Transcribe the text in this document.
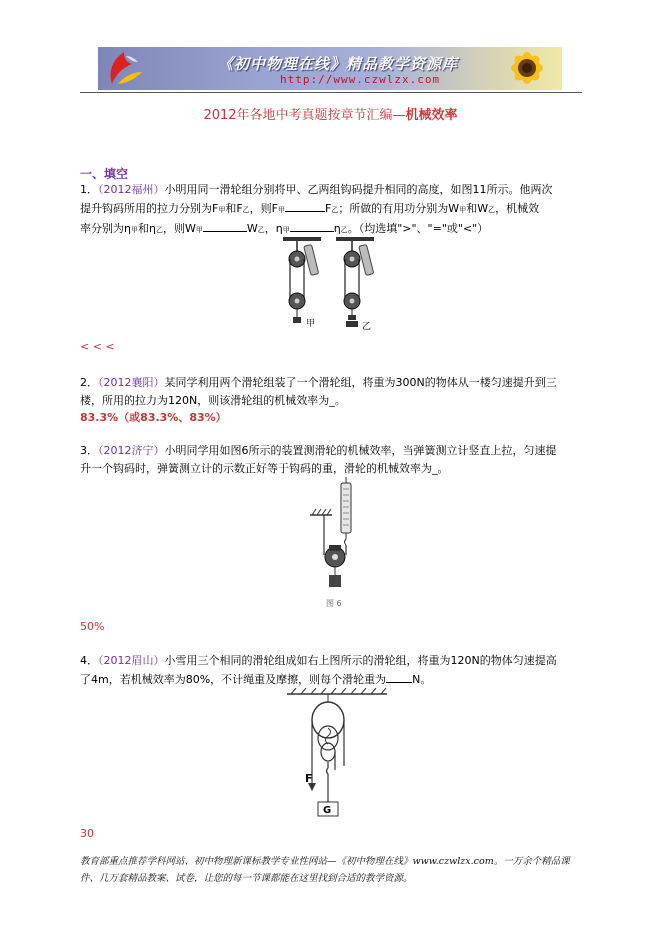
《初中物理在线》精品教学资源库
http://www.czwlzx.com
2012年各地中考真题按章节汇编—机械效率
一、填空
1．（2012福州）小明用同一滑轮组分别将甲、乙两组钩码提升相同的高度，如图11所示。他两次
提升钩码所用的拉力分别为F甲和F乙，则F甲	F乙；所做的有用功分别为W甲和W乙，机械效
率分别为η甲和η乙，则W甲	W乙，η甲	η乙。（均选填">"、"="或"<"）
甲	乙
< < <
2．（2012襄阳）某同学利用两个滑轮组装了一个滑轮组，将重为300N的物体从一楼匀速提升到三
楼，所用的拉力为120N，则该滑轮组的机械效率为_。
83.3%（或83.3%、83%）
3．（2012济宁）小明同学用如图6所示的装置测滑轮的机械效率，当弹簧测立计竖直上拉，匀速提
升一个钩码时，弹簧测立计的示数正好等于钩码的重，滑轮的机械效率为_。
图 6
50%
4．（2012眉山）小雪用三个相同的滑轮组成如右上图所示的滑轮组，将重为120N的物体匀速提高
了4m，若机械效率为80%，不计绳重及摩擦，则每个滑轮重为 N。
F
G
30
教育部重点推荐学科网站、初中物理新课标教学专业性网站—《初中物理在线》www.czwlzx.com。一万余个精品课
件、几万套精品教案、试卷，让您的每一节课都能在这里找到合适的教学资源。
